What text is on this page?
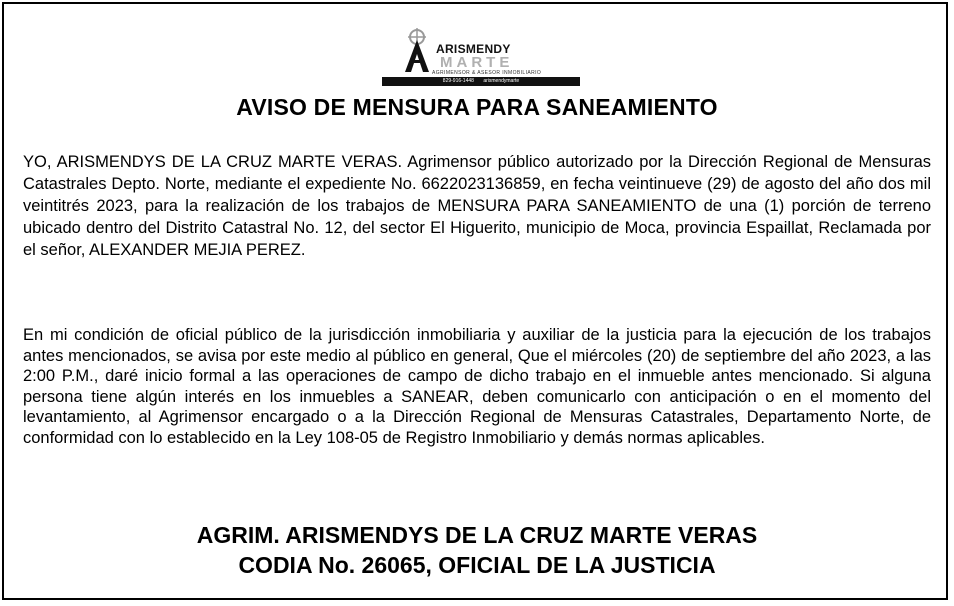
ARISMENDY
MARTE
AGRIMENSOR & ASESOR INMOBILIARIO
829-916-1448 arismendymarte
AVISO DE MENSURA PARA SANEAMIENTO
YO, ARISMENDYS DE LA CRUZ MARTE VERAS. Agrimensor público autorizado por la Dirección Regional de Mensuras Catastrales Depto. Norte, mediante el expediente No. 6622023136859, en fecha veintinueve (29) de agosto del año dos mil veintitrés 2023, para la realización de los trabajos de MENSURA PARA SANEAMIENTO de una (1) porción de terreno ubicado dentro del Distrito Catastral No. 12, del sector El Higuerito, municipio de Moca, provincia Espaillat, Reclamada por el señor, ALEXANDER MEJIA PEREZ.
En mi condición de oficial público de la jurisdicción inmobiliaria y auxiliar de la justicia para la ejecución de los trabajos antes mencionados, se avisa por este medio al público en general, Que el miércoles (20) de septiembre del año 2023, a las 2:00 P.M., daré inicio formal a las operaciones de campo de dicho trabajo en el inmueble antes mencionado. Si alguna persona tiene algún interés en los inmuebles a SANEAR, deben comunicarlo con anticipación o en el momento del levantamiento, al Agrimensor encargado o a la Dirección Regional de Mensuras Catastrales, Departamento Norte, de conformidad con lo establecido en la Ley 108-05 de Registro Inmobiliario y demás normas aplicables.
AGRIM. ARISMENDYS DE LA CRUZ MARTE VERAS
CODIA No. 26065, OFICIAL DE LA JUSTICIA
